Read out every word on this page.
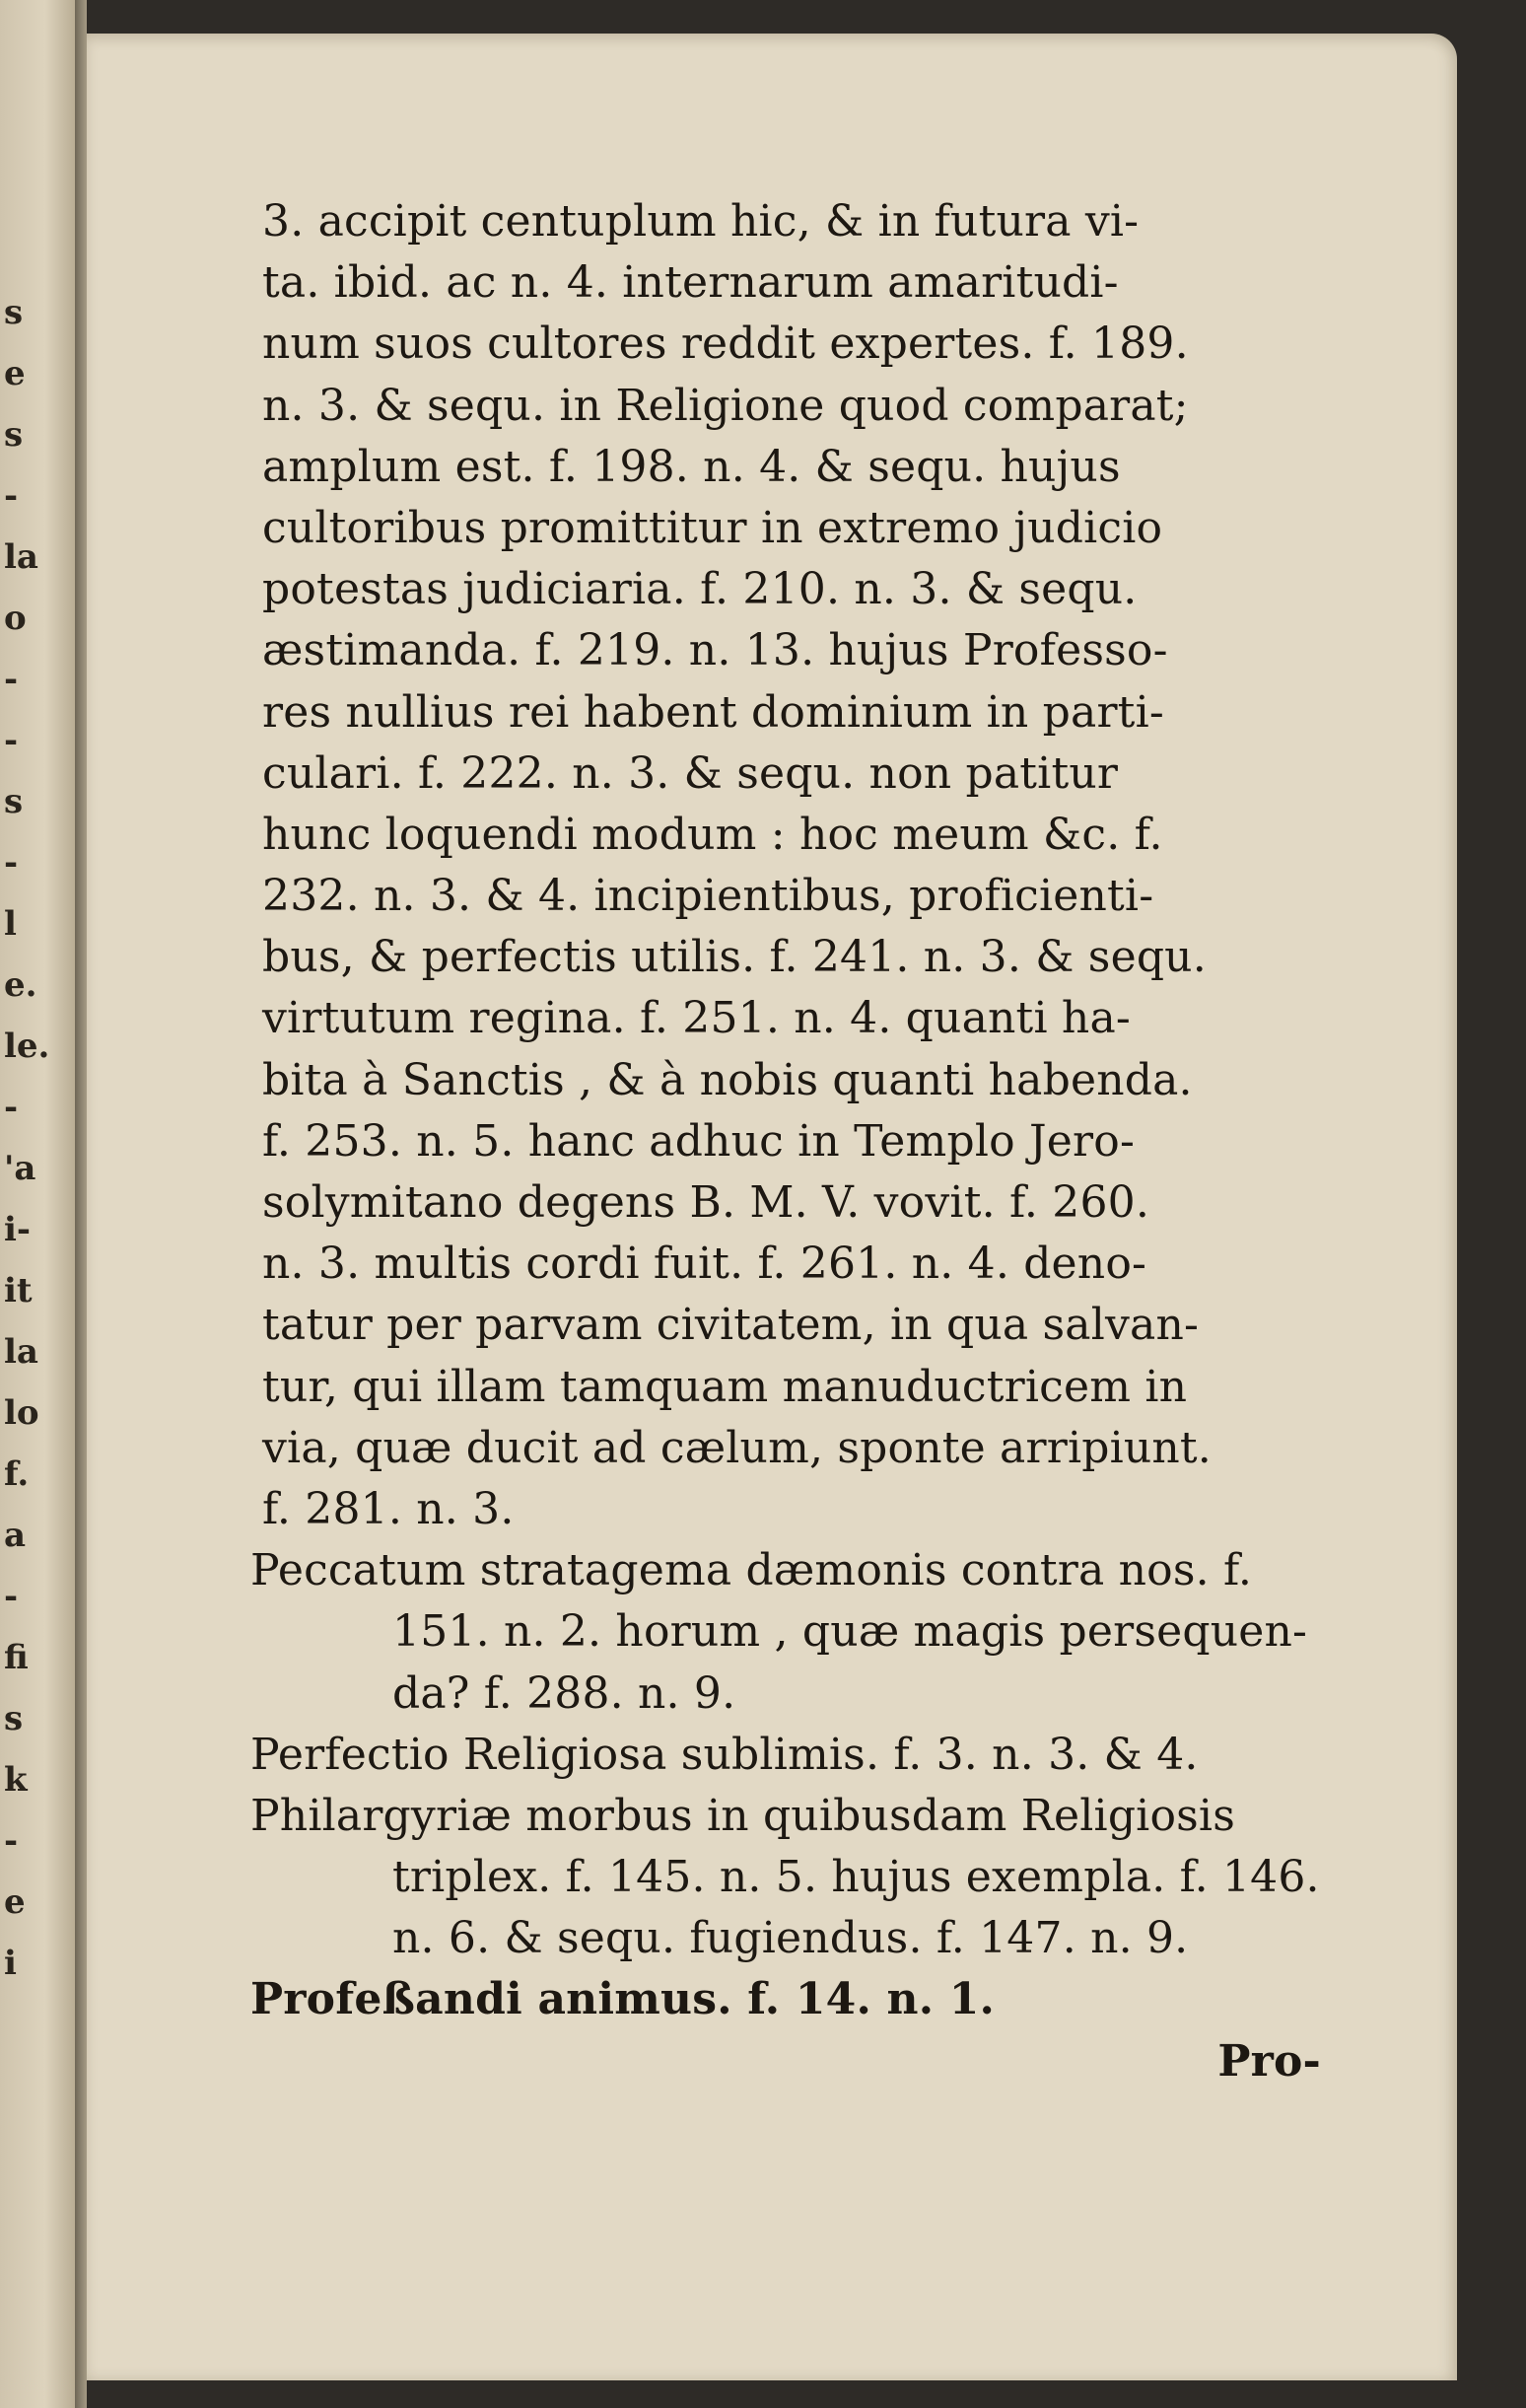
s
e
s
-
la
o
-
-
s
-
l
e.
le.
-
'a
i-
it
la
lo
f.
a
-
fi
s
k
-
e
i
3. accipit centuplum hic, & in futura vi-
ta. ibid. ac n. 4. internarum amaritudi-
num suos cultores reddit expertes. f. 189.
n. 3. & sequ. in Religione quod comparat;
amplum est. f. 198. n. 4. & sequ. hujus
cultoribus promittitur in extremo judicio
potestas judiciaria. f. 210. n. 3. & sequ.
æstimanda. f. 219. n. 13. hujus Professo-
res nullius rei habent dominium in parti-
culari. f. 222. n. 3. & sequ. non patitur
hunc loquendi modum : hoc meum &c. f.
232. n. 3. & 4. incipientibus, proficienti-
bus, & perfectis utilis. f. 241. n. 3. & sequ.
virtutum regina. f. 251. n. 4. quanti ha-
bita à Sanctis , & à nobis quanti habenda.
f. 253. n. 5. hanc adhuc in Templo Jero-
solymitano degens B. M. V. vovit. f. 260.
n. 3. multis cordi fuit. f. 261. n. 4. deno-
tatur per parvam civitatem, in qua salvan-
tur, qui illam tamquam manuductricem in
via, quæ ducit ad cælum, sponte arripiunt.
f. 281. n. 3.
Peccatum stratagema dæmonis contra nos. f.
151. n. 2. horum , quæ magis persequen-
da? f. 288. n. 9.
Perfectio Religiosa sublimis. f. 3. n. 3. & 4.
Philargyriæ morbus in quibusdam Religiosis
triplex. f. 145. n. 5. hujus exempla. f. 146.
n. 6. & sequ. fugiendus. f. 147. n. 9.
Profeßandi animus. f. 14. n. 1.
Pro-
